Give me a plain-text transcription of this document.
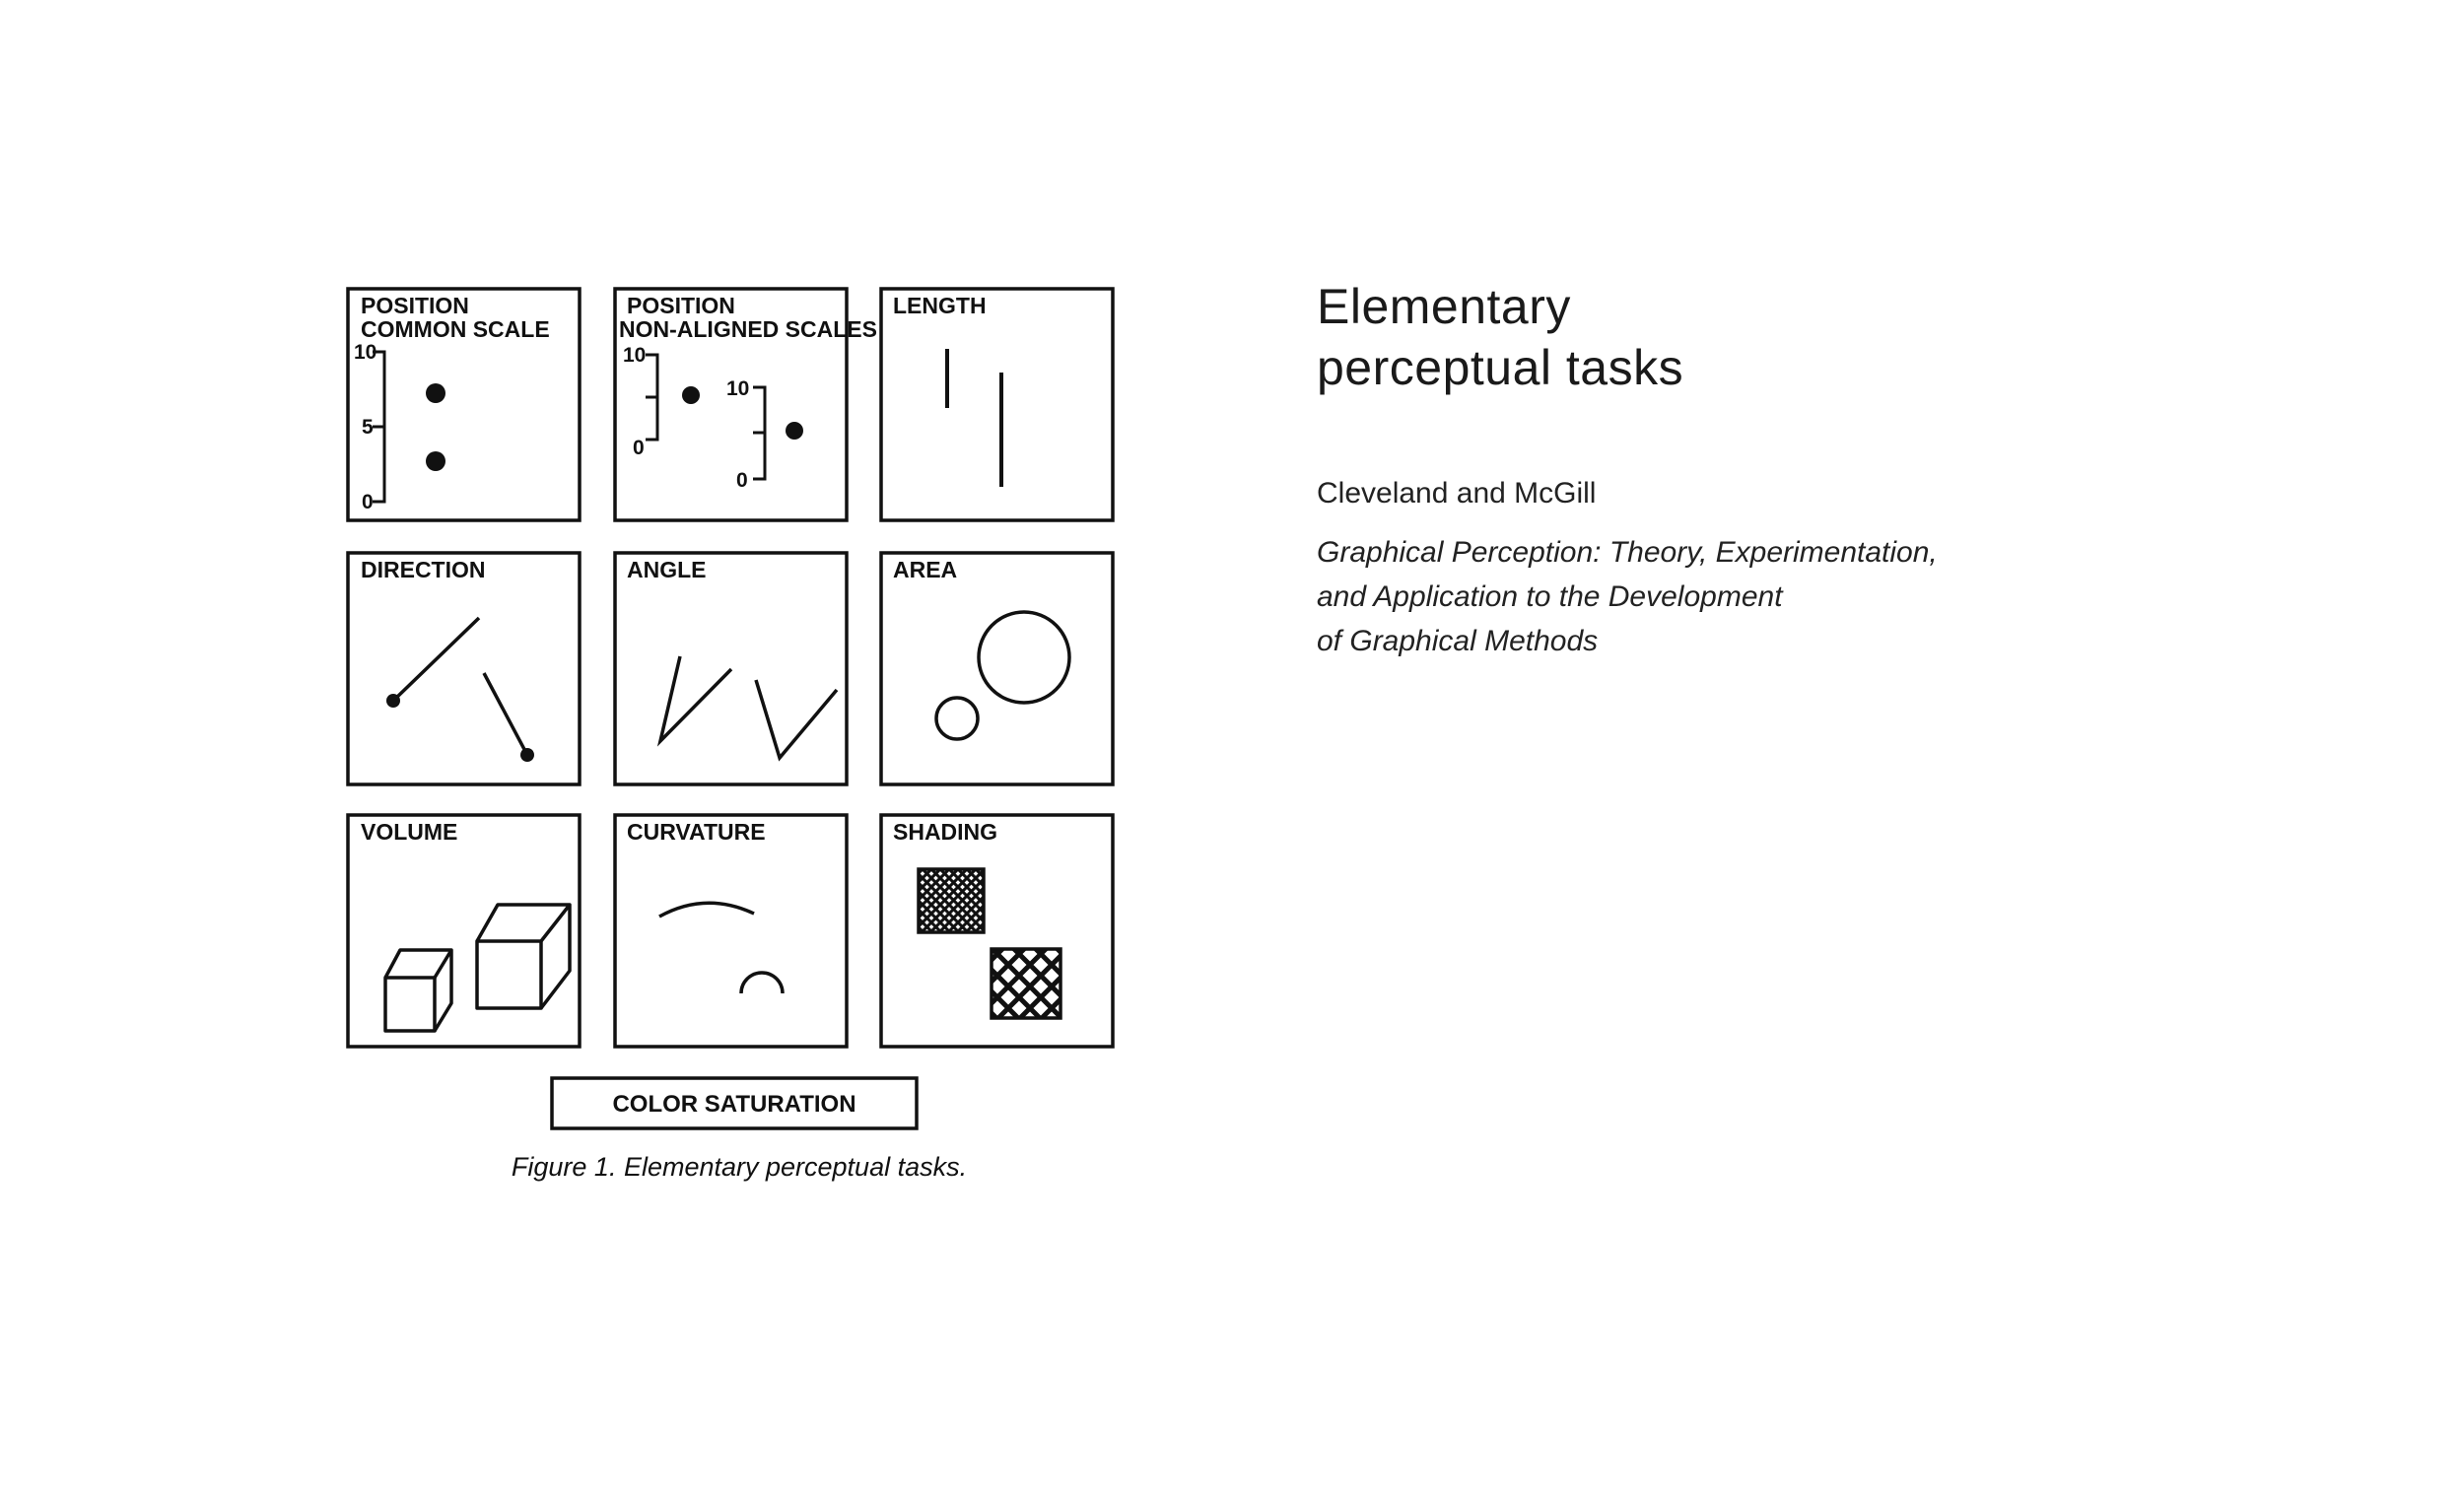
POSITION COMMON SCALE
10
5
0
POSITION NON-ALIGNED SCALES
10
0
10
0
LENGTH
DIRECTION	ANGLE	AREA
VOLUME	CURVATURE	SHADING
COLOR SATURATION
Figure 1. Elementary perceptual tasks.
Elementary
perceptual tasks

Cleveland and McGill

Graphical Perception: Theory, Experimentation,
and Application to the Development
of Graphical Methods
